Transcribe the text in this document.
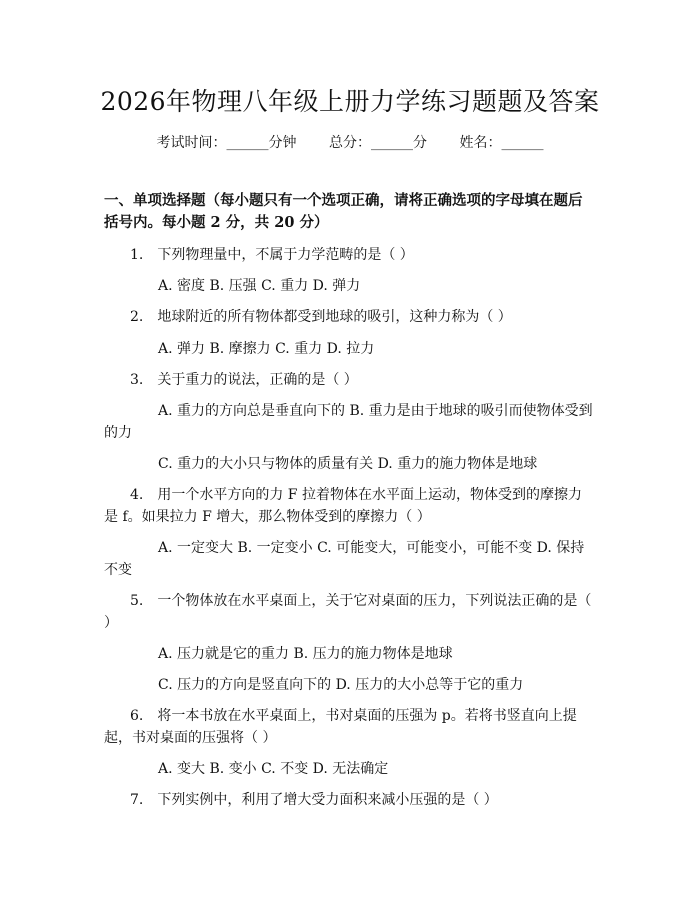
2026年物理八年级上册力学练习题题及答案
考试时间：______分钟 总分：______分 姓名：______
一、单项选择题（每小题只有一个选项正确，请将正确选项的字母填在题后括号内。每小题 2 分，共 20 分）
1.　下列物理量中，不属于力学范畴的是（ ）
A. 密度 B. 压强 C. 重力 D. 弹力
2.　地球附近的所有物体都受到地球的吸引，这种力称为（ ）
A. 弹力 B. 摩擦力 C. 重力 D. 拉力
3.　关于重力的说法，正确的是（ ）
A. 重力的方向总是垂直向下的 B. 重力是由于地球的吸引而使物体受到的力
C. 重力的大小只与物体的质量有关 D. 重力的施力物体是地球
4.　用一个水平方向的力 F 拉着物体在水平面上运动，物体受到的摩擦力是 f。如果拉力 F 增大，那么物体受到的摩擦力（ ）
A. 一定变大 B. 一定变小 C. 可能变大，可能变小，可能不变 D. 保持不变
5.　一个物体放在水平桌面上，关于它对桌面的压力，下列说法正确的是（ ）
A. 压力就是它的重力 B. 压力的施力物体是地球
C. 压力的方向是竖直向下的 D. 压力的大小总等于它的重力
6.　将一本书放在水平桌面上，书对桌面的压强为 p。若将书竖直向上提起，书对桌面的压强将（ ）
A. 变大 B. 变小 C. 不变 D. 无法确定
7.　下列实例中，利用了增大受力面积来减小压强的是（ ）
